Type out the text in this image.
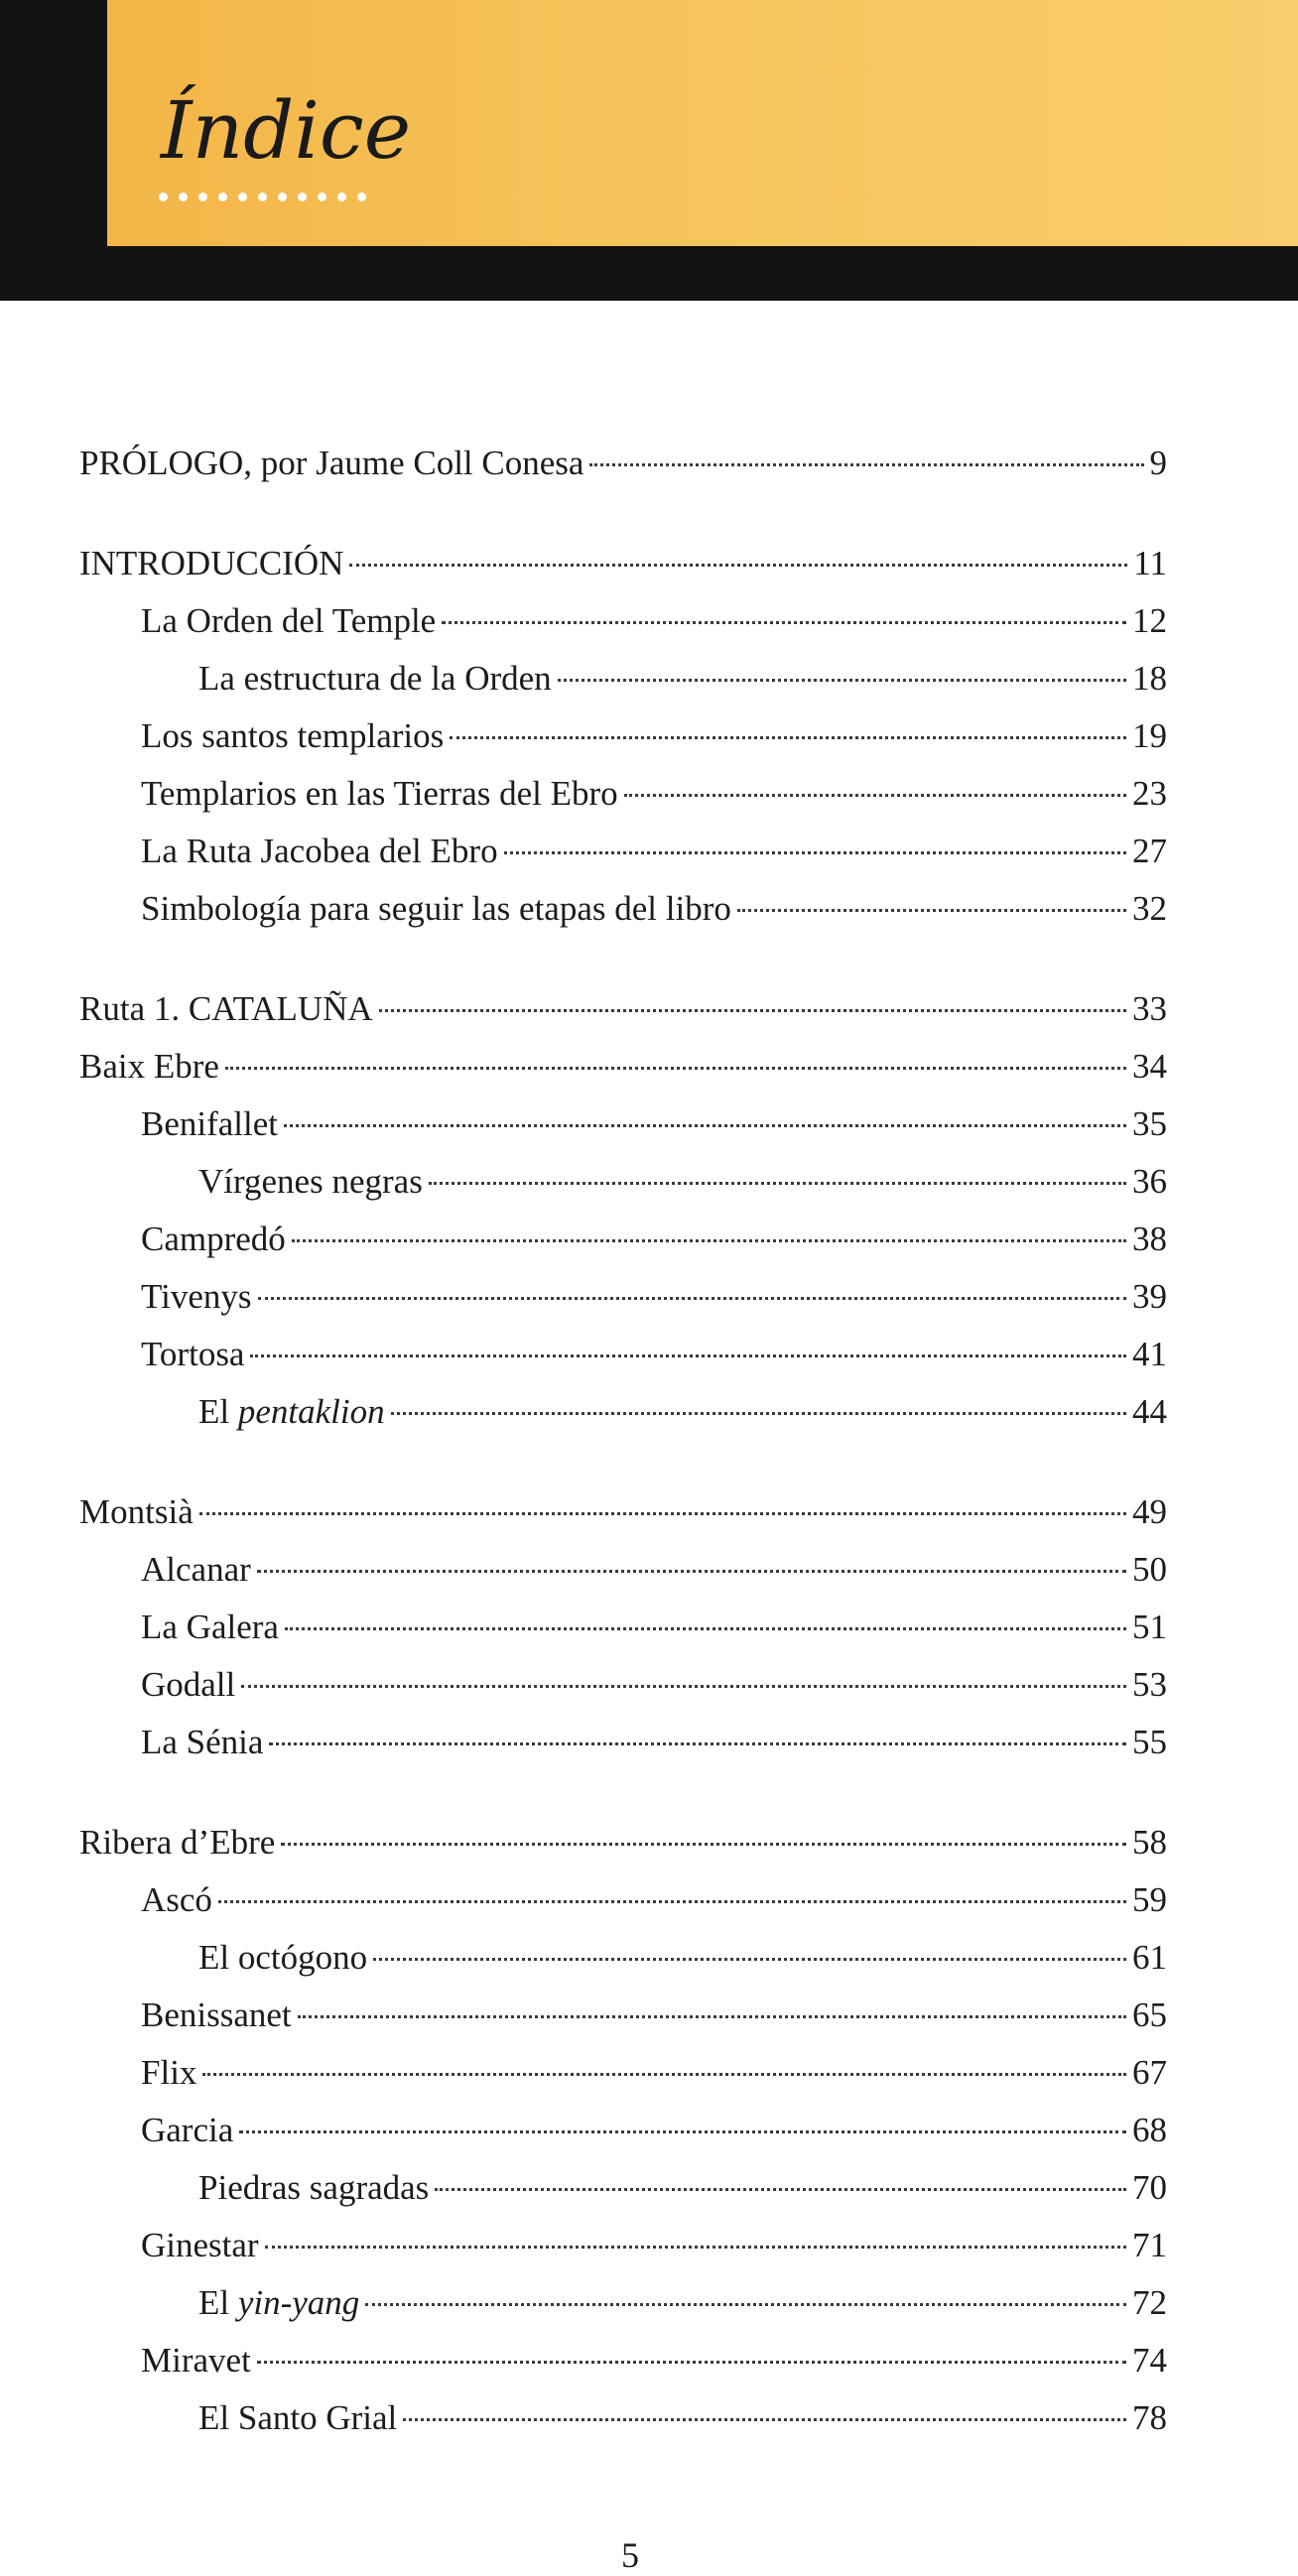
Índice
PRÓLOGO, por Jaume Coll Conesa	9
INTRODUCCIÓN	11
La Orden del Temple	12
La estructura de la Orden	18
Los santos templarios	19
Templarios en las Tierras del Ebro	23
La Ruta Jacobea del Ebro	27
Simbología para seguir las etapas del libro	32
Ruta 1. CATALUÑA	33
Baix Ebre	34
Benifallet	35
Vírgenes negras	36
Campredó	38
Tivenys	39
Tortosa	41
El pentaklion	44
Montsià	49
Alcanar	50
La Galera	51
Godall	53
La Sénia	55
Ribera d’Ebre	58
Ascó	59
El octógono	61
Benissanet	65
Flix	67
Garcia	68
Piedras sagradas	70
Ginestar	71
El yin-yang	72
Miravet	74
El Santo Grial	78
5
